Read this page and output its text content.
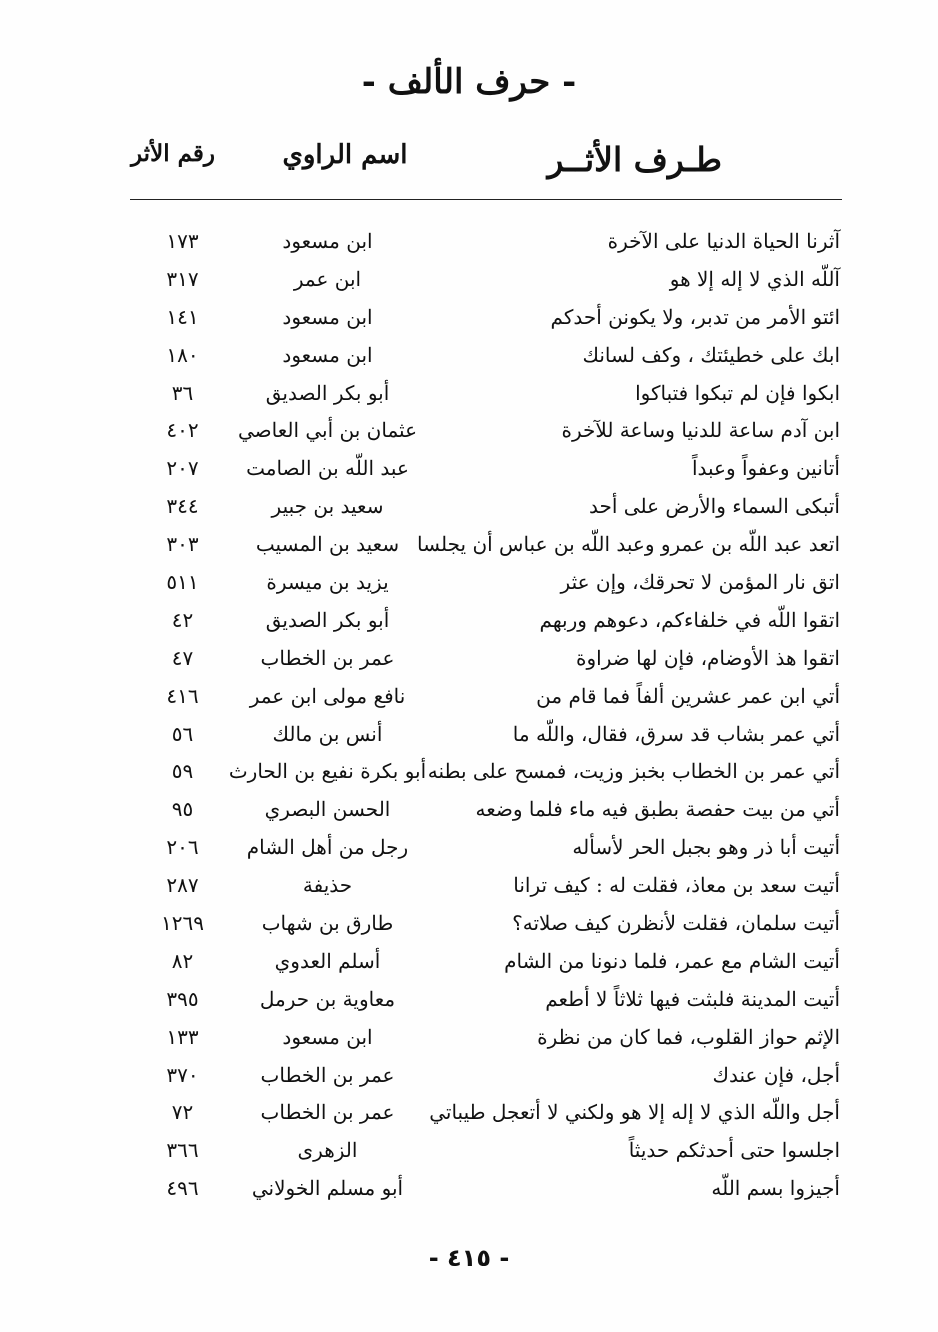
- حرف الألف -
طـرف الأثــر
اسم الراوي
رقم الأثر
آثرنا الحياة الدنيا على الآخرة
ابن مسعود
١٧٣
آللّه الذي لا إله إلا هو
ابن عمر
٣١٧
ائتو الأمر من تدبر، ولا يكونن أحدكم
ابن مسعود
١٤١
ابك على خطيئتك ، وكف لسانك
ابن مسعود
١٨٠
ابكوا فإن لم تبكوا فتباكوا
أبو بكر الصديق
٣٦
ابن آدم ساعة للدنيا وساعة للآخرة
عثمان بن أبي العاصي
٤٠٢
أتانين وعفواً وعبداً
عبد اللّه بن الصامت
٢٠٧
أتبكى السماء والأرض على أحد
سعيد بن جبير
٣٤٤
اتعد عبد اللّه بن عمرو وعبد اللّه بن عباس أن يجلسا
سعيد بن المسيب
٣٠٣
اتق نار المؤمن لا تحرقك، وإن عثر
يزيد بن ميسرة
٥١١
اتقوا اللّه في خلفاءكم، دعوهم وربهم
أبو بكر الصديق
٤٢
اتقوا هذ الأوضام، فإن لها ضراوة
عمر بن الخطاب
٤٧
أتي ابن عمر عشرين ألفاً فما قام من
نافع مولى ابن عمر
٤١٦
أتي عمر بشاب قد سرق، فقال، واللّه ما
أنس بن مالك
٥٦
أتي عمر بن الخطاب بخبز وزيت، فمسح على بطنه
أبو بكرة نفيع بن الحارث
٥٩
أتي من بيت حفصة بطبق فيه ماء فلما وضعه
الحسن البصري
٩٥
أتيت أبا ذر وهو بجبل الحر لأسأله
رجل من أهل الشام
٢٠٦
أتيت سعد بن معاذ، فقلت له : كيف ترانا
حذيفة
٢٨٧
أتيت سلمان، فقلت لأنظرن كيف صلاته؟
طارق بن شهاب
١٢٦٩
أتيت الشام مع عمر، فلما دنونا من الشام
أسلم العدوي
٨٢
أتيت المدينة فلبثت فيها ثلاثاً لا أطعم
معاوية بن حرمل
٣٩٥
الإثم حواز القلوب، فما كان من نظرة
ابن مسعود
١٣٣
أجل، فإن عندك
عمر بن الخطاب
٣٧٠
أجل واللّه الذي لا إله إلا هو ولكني لا أتعجل طيباتي
عمر بن الخطاب
٧٢
اجلسوا حتى أحدثكم حديثاً
الزهرى
٣٦٦
أجيزوا بسم اللّه
أبو مسلم الخولاني
٤٩٦
- ٤١٥ -
